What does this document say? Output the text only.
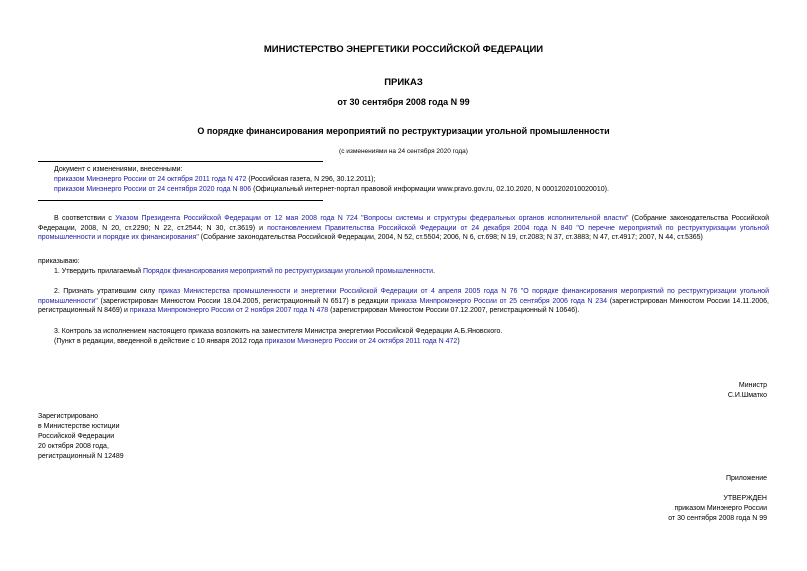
МИНИСТЕРСТВО ЭНЕРГЕТИКИ РОССИЙСКОЙ ФЕДЕРАЦИИ
ПРИКАЗ
от 30 сентября 2008 года N 99
О порядке финансирования мероприятий по реструктуризации угольной промышленности
(с изменениями на 24 сентября 2020 года)
Документ с изменениями, внесенными:
приказом Минэнерго России от 24 октября 2011 года N 472 (Российская газета, N 296, 30.12.2011);
приказом Минэнерго России от 24 сентября 2020 года N 806 (Официальный интернет-портал правовой информации www.pravo.gov.ru, 02.10.2020, N 0001202010020010).
В соответствии с Указом Президента Российской Федерации от 12 мая 2008 года N 724 "Вопросы системы и структуры федеральных органов исполнительной власти" (Собрание законодательства Российской Федерации, 2008, N 20, ст.2290; N 22, ст.2544; N 30, ст.3619) и постановлением Правительства Российской Федерации от 24 декабря 2004 года N 840 "О перечне мероприятий по реструктуризации угольной промышленности и порядке их финансирования" (Собрание законодательства Российской Федерации, 2004, N 52, ст.5504; 2006, N 6, ст.698; N 19, ст.2083; N 37, ст.3883; N 47, ст.4917; 2007, N 44, ст.5365)
приказываю:
1. Утвердить прилагаемый Порядок финансирования мероприятий по реструктуризации угольной промышленности.
2. Признать утратившим силу приказ Министерства промышленности и энергетики Российской Федерации от 4 апреля 2005 года N 76 "О порядке финансирования мероприятий по реструктуризации угольной промышленности" (зарегистрирован Минюстом России 18.04.2005, регистрационный N 6517) в редакции приказа Минпромэнерго России от 25 сентября 2006 года N 234 (зарегистрирован Минюстом России 14.11.2006, регистрационный N 8469) и приказа Минпромэнерго России от 2 ноября 2007 года N 478 (зарегистрирован Минюстом России 07.12.2007, регистрационный N 10646).
3. Контроль за исполнением настоящего приказа возложить на заместителя Министра энергетики Российской Федерации А.Б.Яновского.
(Пункт в редакции, введенной в действие с 10 января 2012 года приказом Минэнерго России от 24 октября 2011 года N 472)
Министр
С.И.Шматко
Зарегистрировано
в Министерстве юстиции
Российской Федерации
20 октября 2008 года,
регистрационный N 12489
Приложение
УТВЕРЖДЕН
приказом Минэнерго России
от 30 сентября 2008 года N 99
